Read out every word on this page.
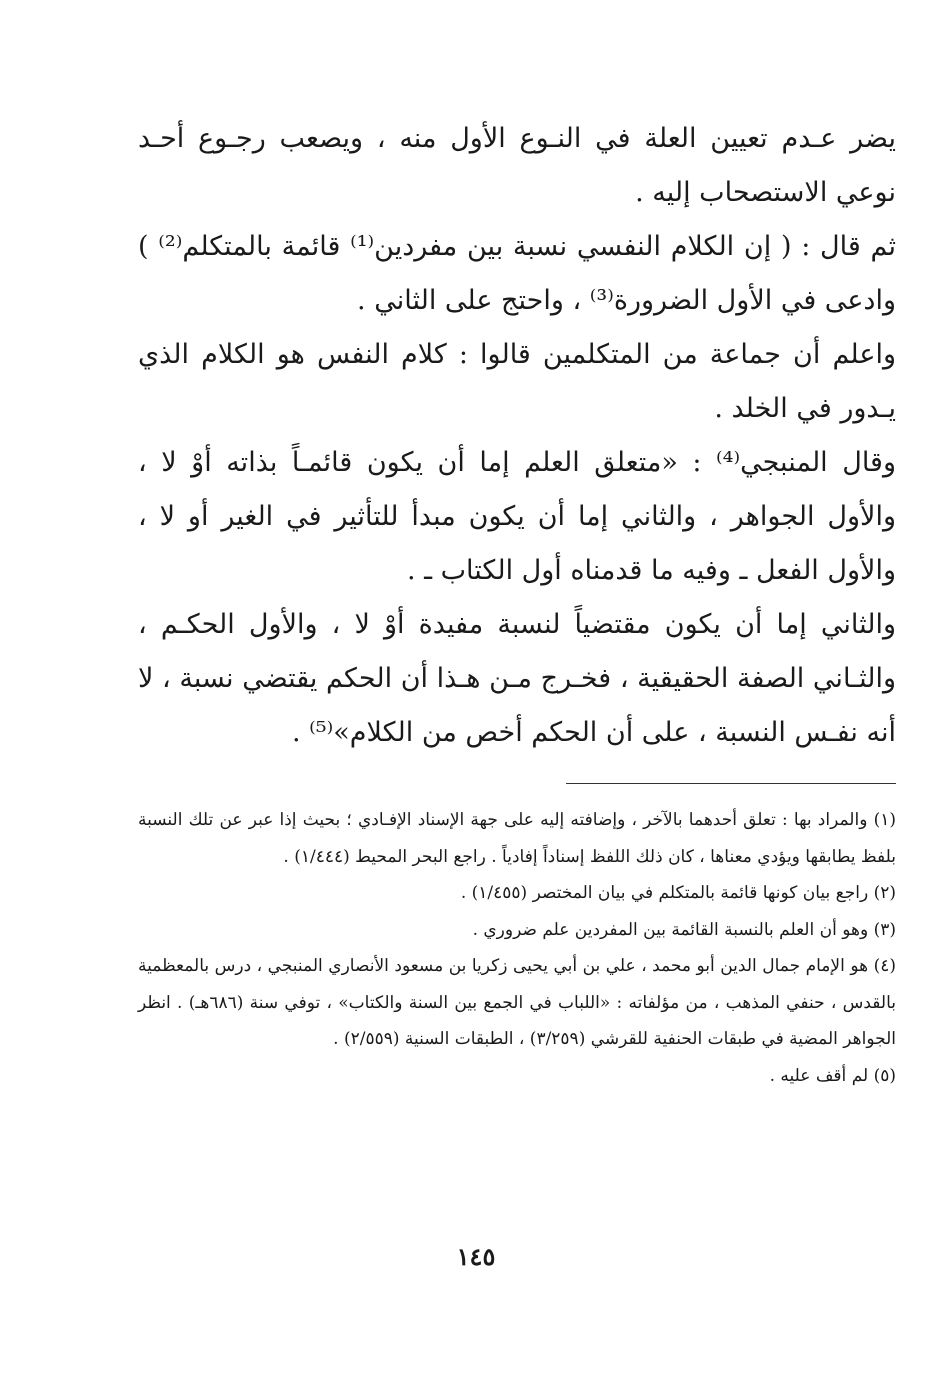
يضر عـدم تعيين العلة في النـوع الأول منه ، ويصعب رجـوع أحـد نوعي الاستصحاب إليه .

ثم قال : ( إن الكلام النفسي نسبة بين مفردين⁽¹⁾ قائمة بالمتكلم⁽²⁾ ) وادعى في الأول الضرورة⁽³⁾ ، واحتج على الثاني .

واعلم أن جماعة من المتكلمين قالوا : كلام النفس هو الكلام الذي يـدور في الخلد .

وقال المنبجي⁽⁴⁾ : «متعلق العلم إما أن يكون قائمـاً بذاته أوْ لا ، والأول الجواهر ، والثاني إما أن يكون مبدأ للتأثير في الغير أو لا ، والأول الفعل ـ وفيه ما قدمناه أول الكتاب ـ .

والثاني إما أن يكون مقتضياً لنسبة مفيدة أوْ لا ، والأول الحكـم ، والثـاني الصفة الحقيقية ، فخـرج مـن هـذا أن الحكم يقتضي نسبة ، لا أنه نفـس النسبة ، على أن الحكم أخص من الكلام»⁽⁵⁾ .

(١) والمراد بها : تعلق أحدهما بالآخر ، وإضافته إليه على جهة الإسناد الإفـادي ؛ بحيث إذا عبر عن تلك النسبة بلفظ يطابقها ويؤدي معناها ، كان ذلك اللفظ إسناداً إفادياً . راجع البحر المحيط (١/٤٤٤) .

(٢) راجع بيان كونها قائمة بالمتكلم في بيان المختصر (١/٤٥٥) .

(٣) وهو أن العلم بالنسبة القائمة بين المفردين علم ضروري .

(٤) هو الإمام جمال الدين أبو محمد ، علي بن أبي يحيى زكريا بن مسعود الأنصاري المنبجي ، درس بالمعظمية بالقدس ، حنفي المذهب ، من مؤلفاته : «اللباب في الجمع بين السنة والكتاب» ، توفي سنة (٦٨٦هـ) . انظر الجواهر المضية في طبقات الحنفية للقرشي (٣/٢٥٩) ، الطبقات السنية (٢/٥٥٩) .

(٥) لم أقف عليه .

١٤٥
